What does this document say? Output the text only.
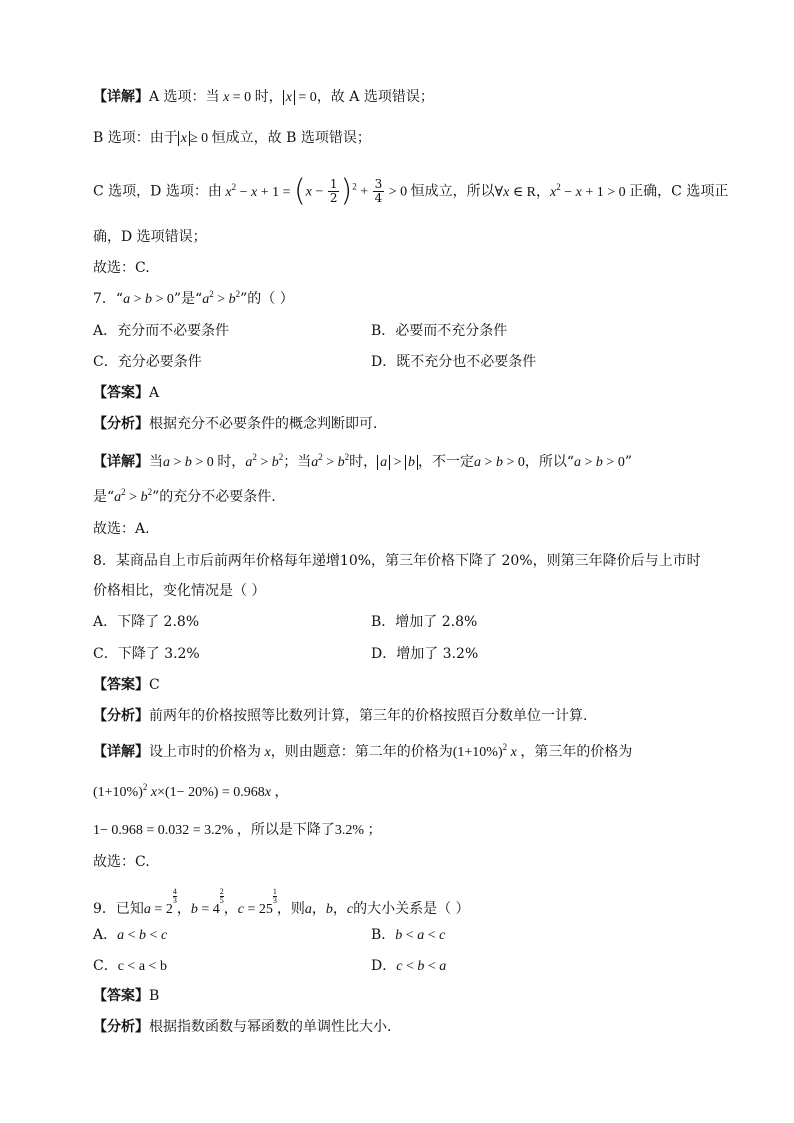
【详解】A 选项：当 x = 0 时， x = 0，故 A 选项错误；
B 选项：由于 x ≥ 0 恒成立，故 B 选项错误；
C 选项，D 选项：由 $x^2 - x + 1 = (x - \frac{1}{2} )^2 + \frac{3}{4} > 0$ 恒成立，所以∀x ∈ R，$x^2 - x + 1 > 0$ 正确，C 选项正
确，D 选项错误；
故选：C.
7．“a > b > 0”是“$a^2 > b^2$”的（ ）
A．充分而不必要条件	B．必要而不充分条件
C．充分必要条件	D．既不充分也不必要条件
【答案】A
【分析】根据充分不必要条件的概念判断即可.
【详解】当a > b > 0 时，$a^2 > b^2$；当$a^2 > b^2$时， a > b ，不一定a > b > 0，所以“a > b > 0”
是“$a^2 > b^2$”的充分不必要条件.
故选：A.
8．某商品自上市后前两年价格每年递增10%，第三年价格下降了 20%，则第三年降价后与上市时
价格相比，变化情况是（ ）
A．下降了 2.8%	B．增加了 2.8%
C．下降了 3.2%	D．增加了 3.2%
【答案】C
【分析】前两年的价格按照等比数列计算，第三年的价格按照百分数单位一计算.
【详解】设上市时的价格为 x，则由题意：第二年的价格为$(1+10\%)^2$ x ，第三年的价格为
$(1+10\%)^2$ x×(1− 20%) = 0.968x ，
1− 0.968 = 0.032 = 3.2% ，所以是下降了3.2% ；
故选：C.
9．已知a = 2
$\frac{4}{3}$
，b = 4
$\frac{2}{5}$
，c = 25
$\frac{1}{3}$
，则a，b，c的大小关系是（ ）
A．a < b < c	B．b < a < c
C．c < a < b	D．c < b < a
【答案】B
【分析】根据指数函数与幂函数的单调性比大小.
